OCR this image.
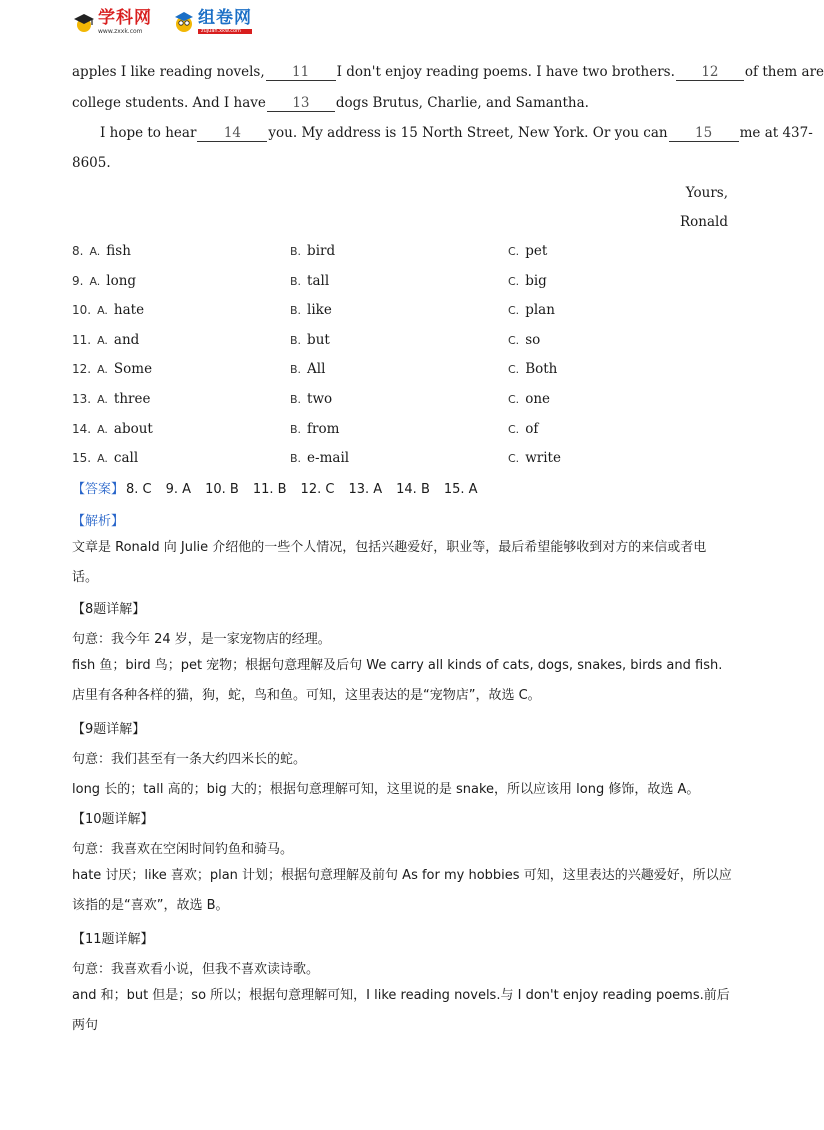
学科网
www.zxxk.com
组卷网
zujuan.xkw.com
apples I like reading novels, 11 I don't enjoy reading poems. I have two brothers. 12 of them are
college students. And I have 13 dogs Brutus, Charlie, and Samantha.
I hope to hear 14 you. My address is 15 North Street, New York. Or you can 15 me at 437-
8605.
Yours,
Ronald
8. A. fish	B. bird	C. pet
9. A. long	B. tall	C. big
10. A. hate	B. like	C. plan
11. A. and	B. but	C. so
12. A. Some	B. All	C. Both
13. A. three	B. two	C. one
14. A. about	B. from	C. of
15. A. call	B. e-mail	C. write
【答案】 8. C 9. A 10. B 11. B 12. C 13. A 14. B 15. A
【解析】
文章是 Ronald 向 Julie 介绍他的一些个人情况，包括兴趣爱好，职业等，最后希望能够收到对方的来信或者电话。
【8题详解】
句意：我今年 24 岁，是一家宠物店的经理。
fish 鱼；bird 鸟；pet 宠物；根据句意理解及后句 We carry all kinds of cats, dogs, snakes, birds and fish.店里有各种各样的猫，狗，蛇，鸟和鱼。可知，这里表达的是“宠物店”，故选 C。
【9题详解】
句意：我们甚至有一条大约四米长的蛇。
long 长的；tall 高的；big 大的；根据句意理解可知，这里说的是 snake，所以应该用 long 修饰，故选 A。
【10题详解】
句意：我喜欢在空闲时间钓鱼和骑马。
hate 讨厌；like 喜欢；plan 计划；根据句意理解及前句 As for my hobbies 可知，这里表达的兴趣爱好，所以应该指的是“喜欢”，故选 B。
【11题详解】
句意：我喜欢看小说，但我不喜欢读诗歌。
and 和；but 但是；so 所以；根据句意理解可知，I like reading novels.与 I don't enjoy reading poems.前后两句
